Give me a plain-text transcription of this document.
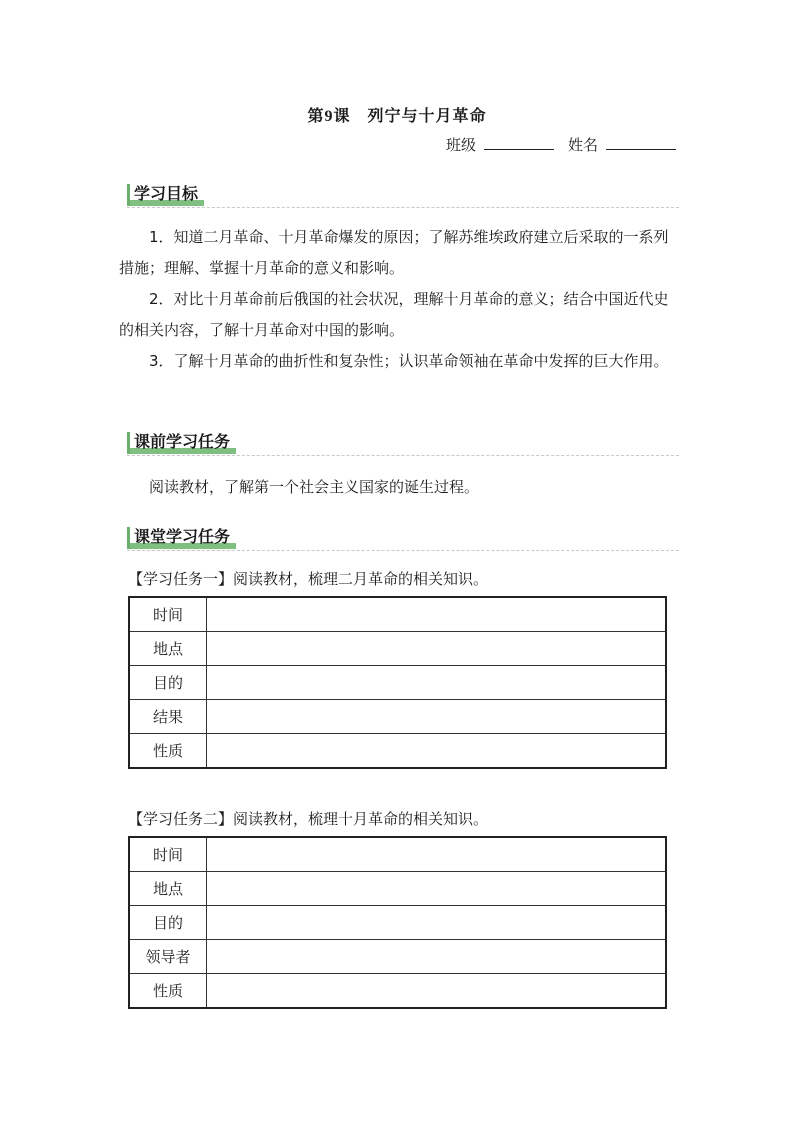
第9课　列宁与十月革命
班级	姓名
学习目标
1．知道二月革命、十月革命爆发的原因；了解苏维埃政府建立后采取的一系列措施；理解、掌握十月革命的意义和影响。
2．对比十月革命前后俄国的社会状况，理解十月革命的意义；结合中国近代史的相关内容，了解十月革命对中国的影响。
3．了解十月革命的曲折性和复杂性；认识革命领袖在革命中发挥的巨大作用。
课前学习任务
阅读教材，了解第一个社会主义国家的诞生过程。
课堂学习任务
【学习任务一】阅读教材，梳理二月革命的相关知识。
时间	
地点	
目的	
结果	
性质	
【学习任务二】阅读教材，梳理十月革命的相关知识。
时间	
地点	
目的	
领导者	
性质	
